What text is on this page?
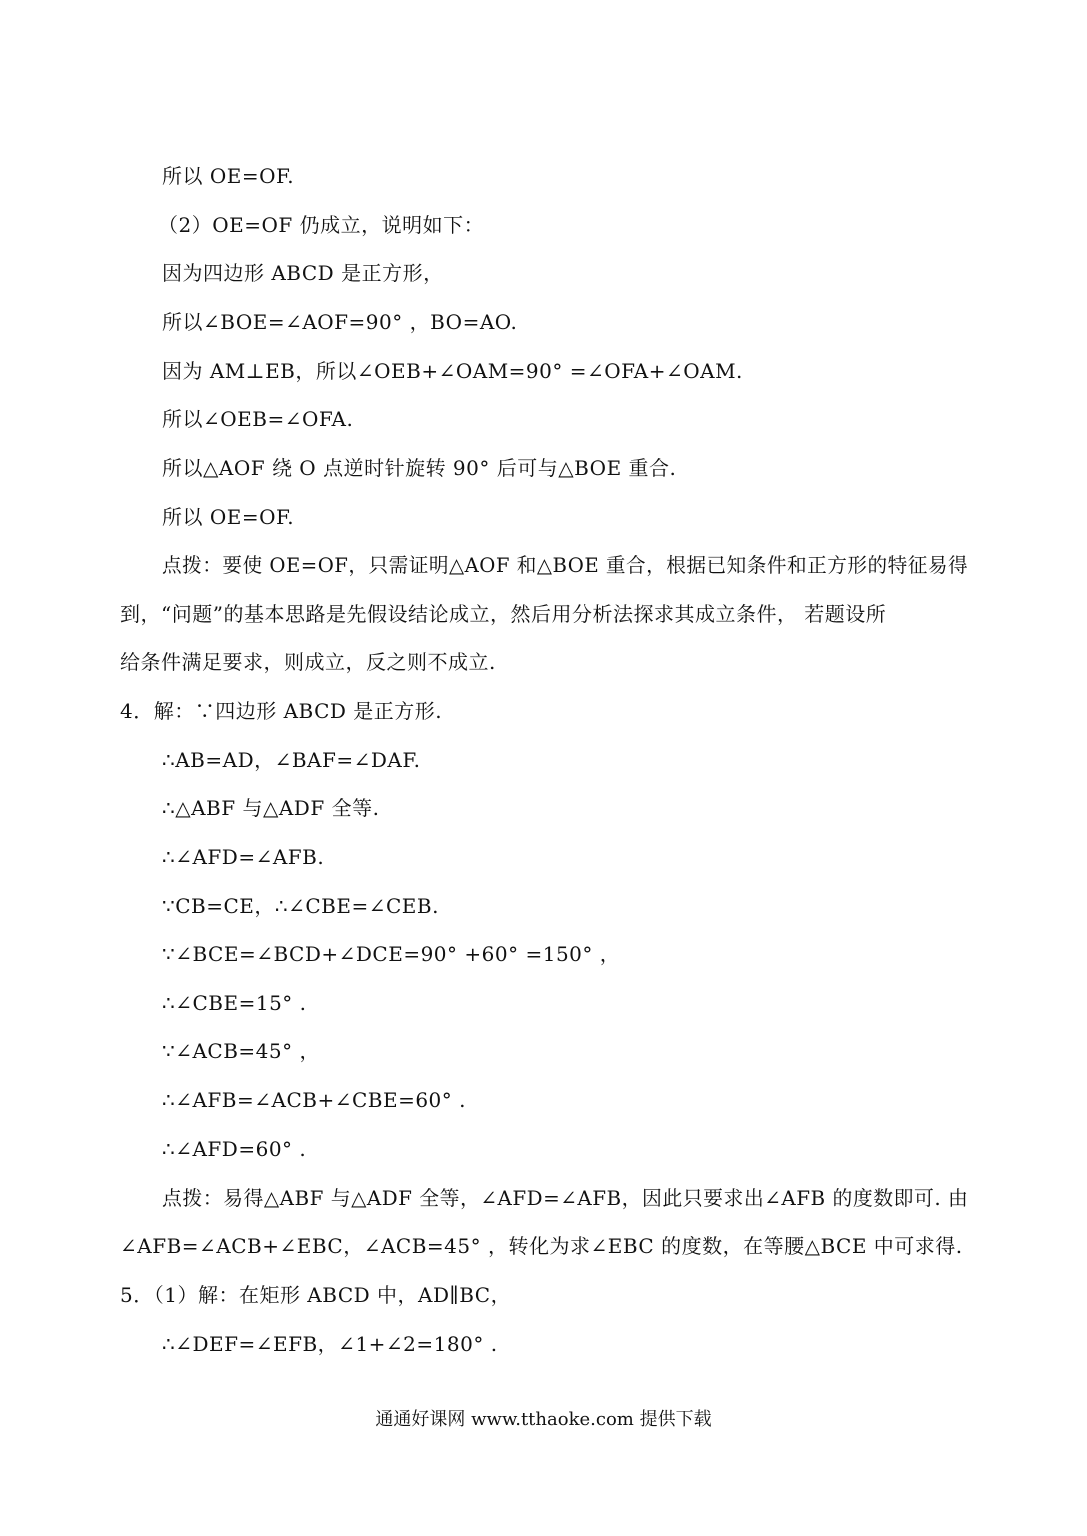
所以 OE=OF.
（2）OE=OF 仍成立，说明如下：
因为四边形 ABCD 是正方形，
所以∠BOE=∠AOF=90° ，BO=AO.
因为 AM⊥EB，所以∠OEB+∠OAM=90° =∠OFA+∠OAM.
所以∠OEB=∠OFA.
所以△AOF 绕 O 点逆时针旋转 90° 后可与△BOE 重合.
所以 OE=OF.
点拨：要使 OE=OF，只需证明△AOF 和△BOE 重合，根据已知条件和正方形的特征易得
到，“问题”的基本思路是先假设结论成立，然后用分析法探求其成立条件， 若题设所
给条件满足要求，则成立，反之则不成立.
4．解：∵四边形 ABCD 是正方形.
∴AB=AD，∠BAF=∠DAF.
∴△ABF 与△ADF 全等.
∴∠AFD=∠AFB.
∵CB=CE，∴∠CBE=∠CEB.
∵∠BCE=∠BCD+∠DCE=90° +60° =150° ，
∴∠CBE=15° .
∵∠ACB=45° ，
∴∠AFB=∠ACB+∠CBE=60° .
∴∠AFD=60° .
点拨：易得△ABF 与△ADF 全等，∠AFD=∠AFB，因此只要求出∠AFB 的度数即可. 由
∠AFB=∠ACB+∠EBC，∠ACB=45° ，转化为求∠EBC 的度数，在等腰△BCE 中可求得.
5．（1）解：在矩形 ABCD 中，AD∥BC，
∴∠DEF=∠EFB，∠1+∠2=180° .
通通好课网 www.tthaoke.com 提供下载
